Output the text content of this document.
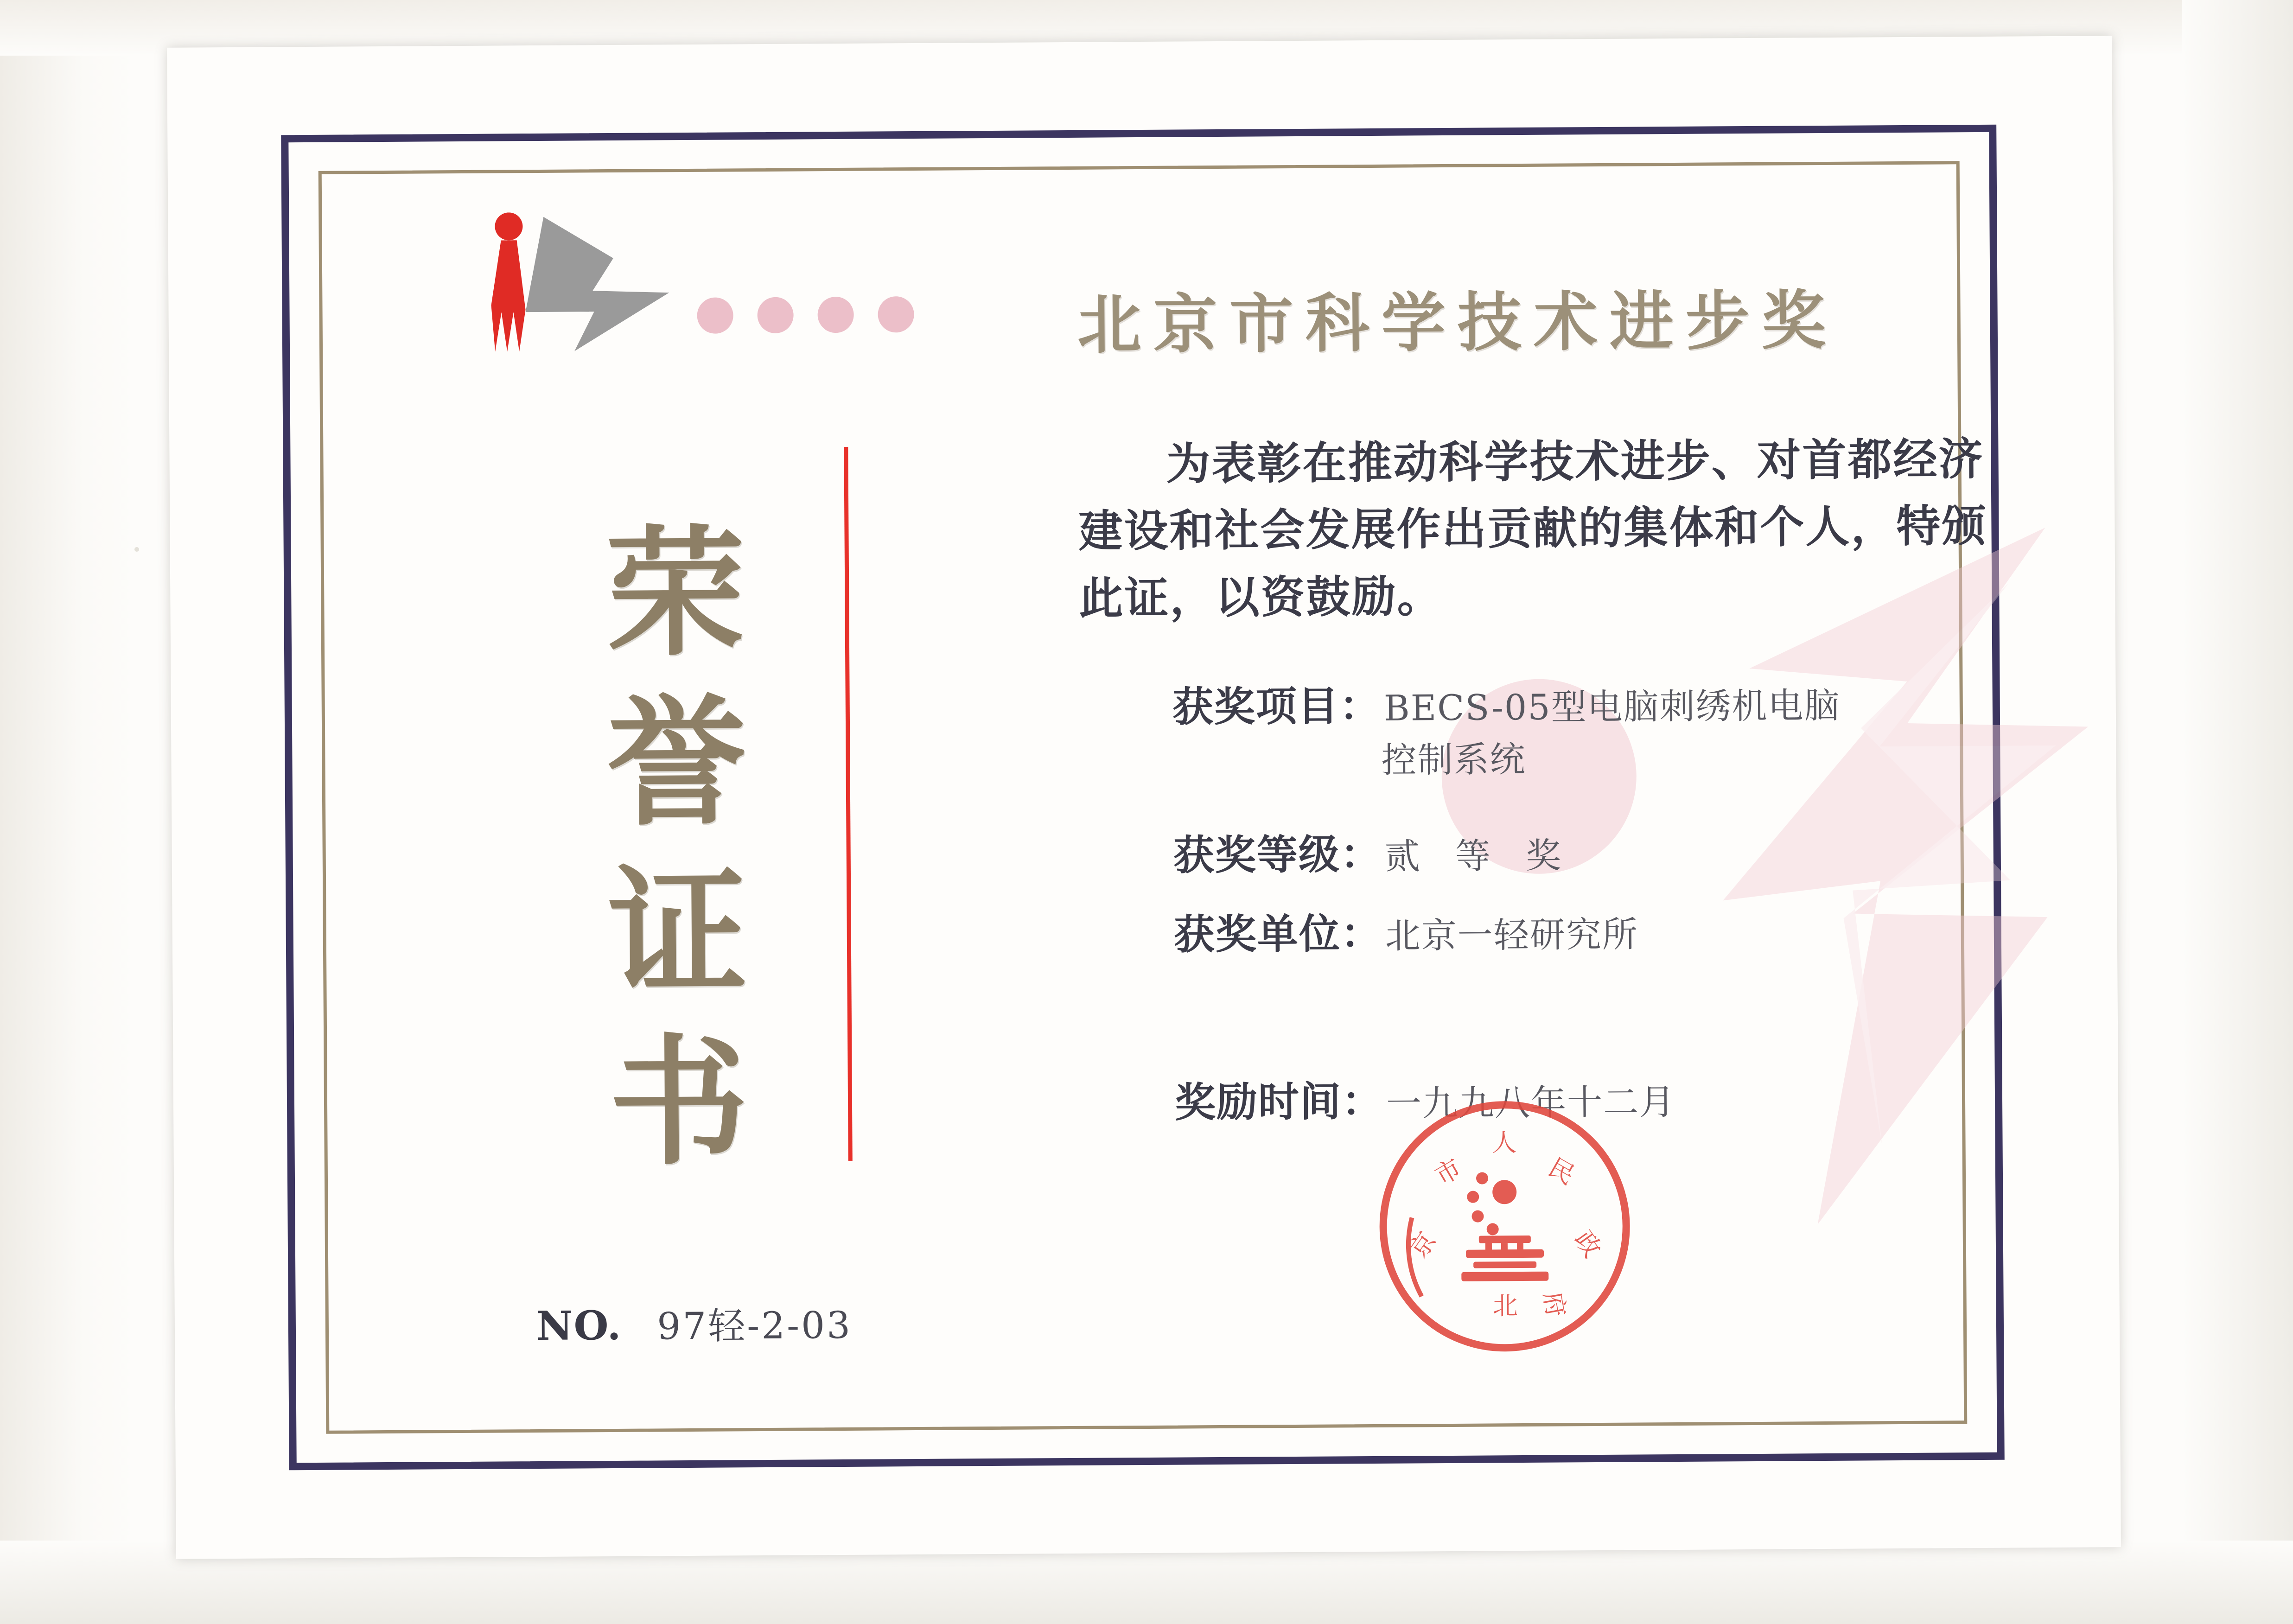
荣誉证书
北京市科学技术进步奖
为表彰在推动科学技术进步、对首都经济建设和社会发展作出贡献的集体和个人，特颁此证，以资鼓励。
获奖项目： BECS-05型电脑刺绣机电脑
控制系统
获奖等级： 贰 等 奖
获奖单位： 北京一轻研究所
奖励时间： 一九九八年十二月
北
京
市
人
民
政
府
NO. 97轻-2-03
